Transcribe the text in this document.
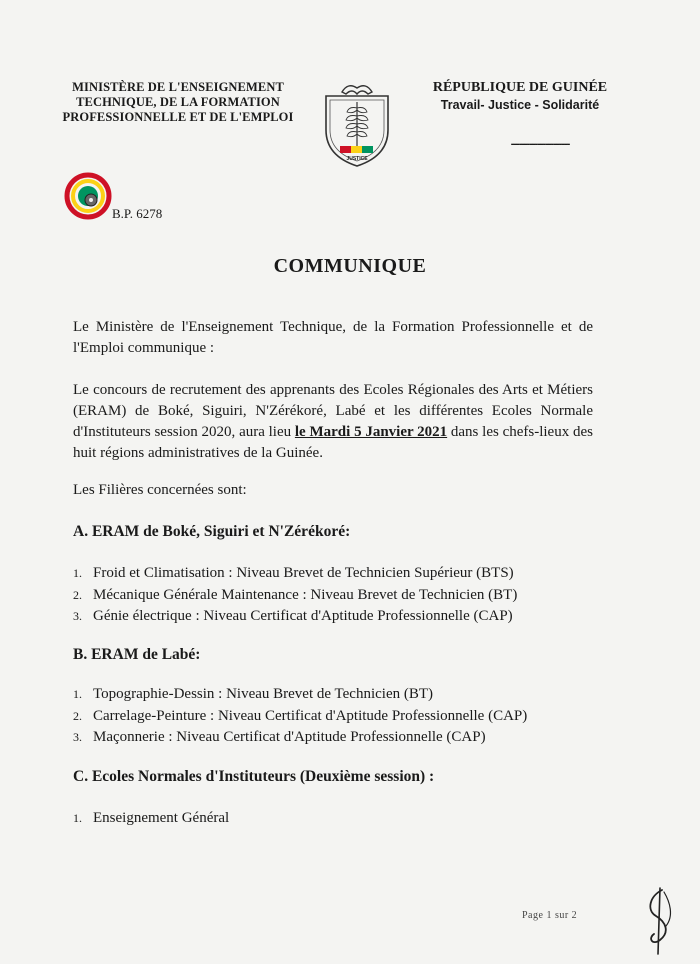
MINISTÈRE DE L'ENSEIGNEMENT
TECHNIQUE, DE LA FORMATION
PROFESSIONNELLE ET DE L'EMPLOI
JUSTICE
RÉPUBLIQUE DE GUINÉE
Travail- Justice - Solidarité
----------------------
B.P. 6278
COMMUNIQUE
Le Ministère de l'Enseignement Technique, de la Formation Professionnelle et de l'Emploi communique :
Le concours de recrutement des apprenants des Ecoles Régionales des Arts et Métiers (ERAM) de Boké, Siguiri, N'Zérékoré, Labé et les différentes Ecoles Normale d'Instituteurs session 2020, aura lieu le Mardi 5 Janvier 2021 dans les chefs-lieux des huit régions administratives de la Guinée.
Les Filières concernées sont:
A. ERAM de Boké, Siguiri et N'Zérékoré:
1. Froid et Climatisation : Niveau Brevet de Technicien Supérieur (BTS)
2. Mécanique Générale Maintenance : Niveau Brevet de Technicien (BT)
3. Génie électrique : Niveau Certificat d'Aptitude Professionnelle (CAP)
B. ERAM de Labé:
1. Topographie-Dessin : Niveau Brevet de Technicien (BT)
2. Carrelage-Peinture : Niveau Certificat d'Aptitude Professionnelle (CAP)
3. Maçonnerie : Niveau Certificat d'Aptitude Professionnelle (CAP)
C. Ecoles Normales d'Instituteurs (Deuxième session) :
1. Enseignement Général
Page 1 sur 2
